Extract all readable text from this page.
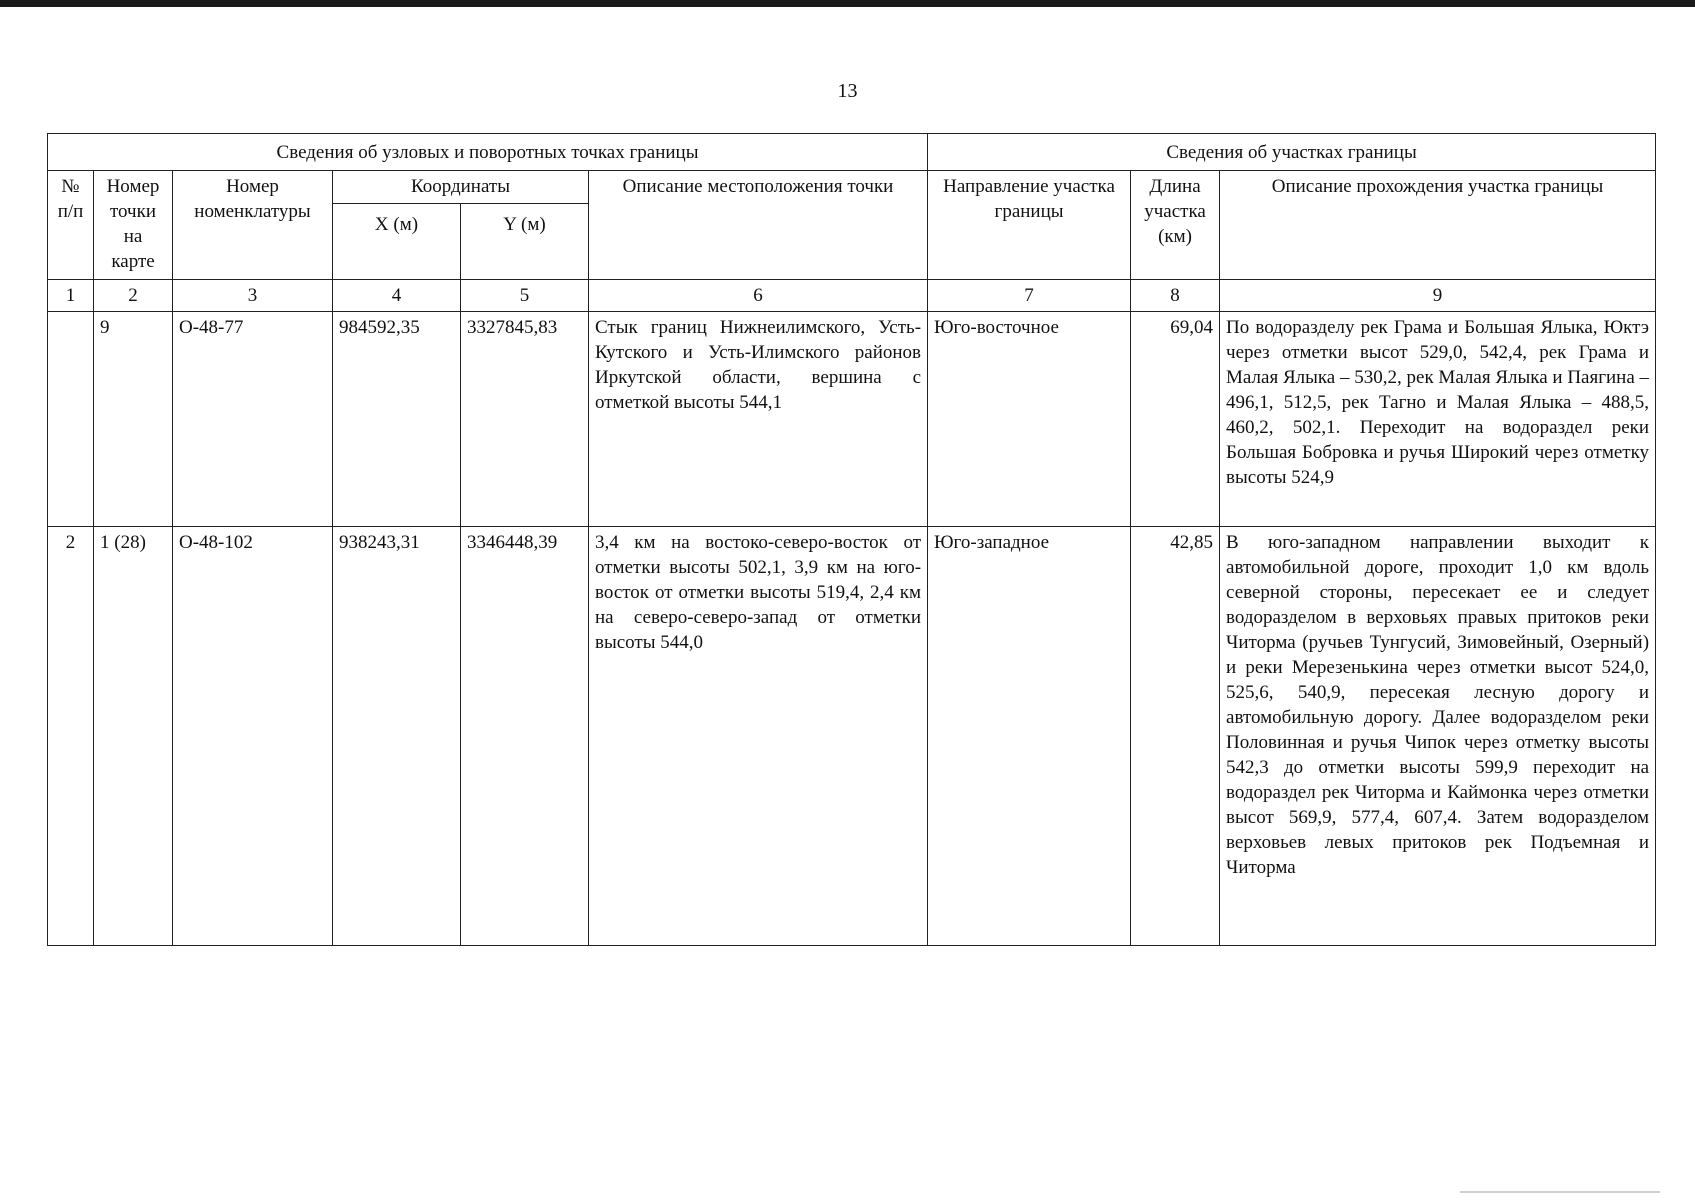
13
Сведения об узловых и поворотных точках границы						Сведения об участках границы		
№ п/п	Номер точки на карте	Номер номенклатуры	Координаты		Описание местоположения точки	Направление участка границы	Длина участка (км)	Описание прохождения участка границы
			X (м)	Y (м)				
1	2	3	4	5	6	7	8	9
	9	О-48-77	984592,35	3327845,83	Стык границ Нижнеилимского, Усть-Кутского и Усть-Илимского районов Иркутской области, вершина с отметкой высоты 544,1	Юго-восточное	69,04	По водоразделу рек Грама и Большая Ялыка, Юктэ через отметки высот 529,0, 542,4, рек Грама и Малая Ялыка – 530,2, рек Малая Ялыка и Паягина – 496,1, 512,5, рек Тагно и Малая Ялыка – 488,5, 460,2, 502,1. Переходит на водораздел реки Большая Бобровка и ручья Широкий через отметку высоты 524,9
2	1 (28)	О-48-102	938243,31	3346448,39	3,4 км на востоко-северо-восток от отметки высоты 502,1, 3,9 км на юго-восток от отметки высоты 519,4, 2,4 км на северо-северо-запад от отметки высоты 544,0	Юго-западное	42,85	В юго-западном направлении выходит к автомобильной дороге, проходит 1,0 км вдоль северной стороны, пересекает ее и следует водоразделом в верховьях правых притоков реки Читорма (ручьев Тунгусий, Зимовейный, Озерный) и реки Мерезенькина через отметки высот 524,0, 525,6, 540,9, пересекая лесную дорогу и автомобильную дорогу. Далее водоразделом реки Половинная и ручья Чипок через отметку высоты 542,3 до отметки высоты 599,9 переходит на водораздел рек Читорма и Каймонка через отметки высот 569,9, 577,4, 607,4. Затем водоразделом верховьев левых притоков рек Подъемная и Читорма
